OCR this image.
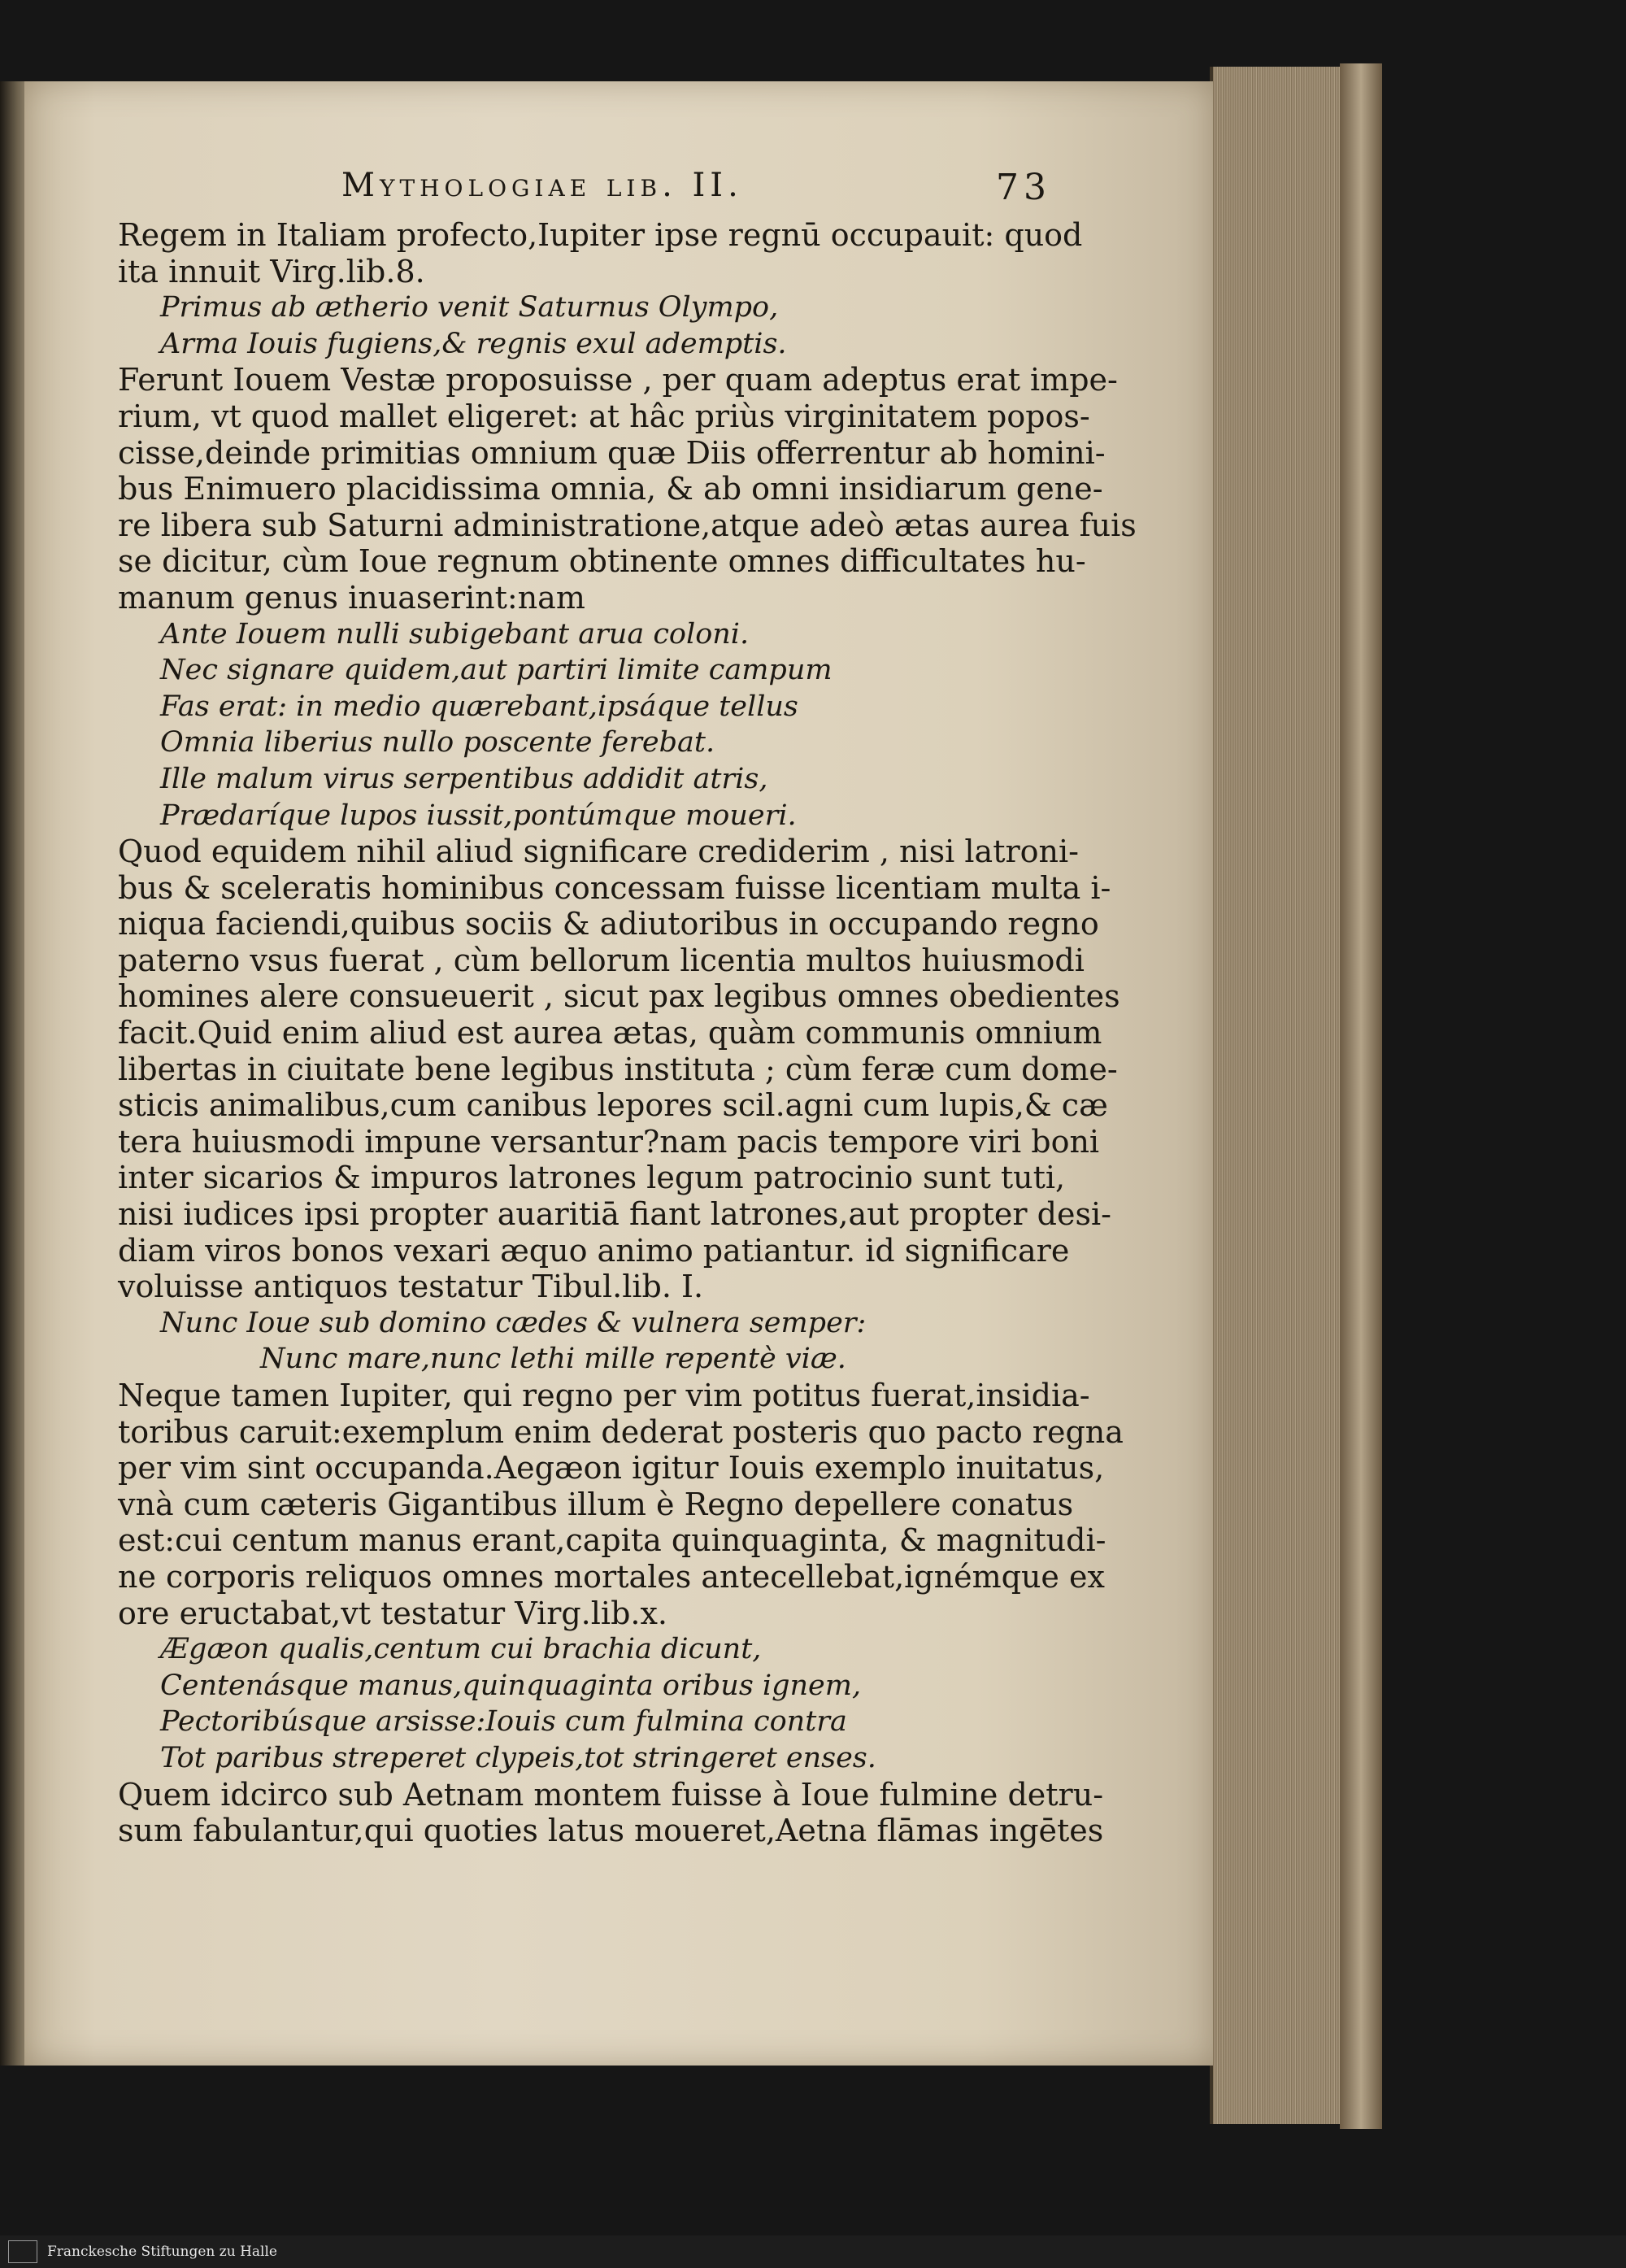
Mythologiae lib. II.	73
Regem in Italiam profecto,Iupiter ipse regnū occupauit: quod
ita innuit Virg.lib.8.
Primus ab ætherio venit Saturnus Olympo,
Arma Iouis fugiens,& regnis exul ademptis.
Ferunt Iouem Vestæ proposuisse , per quam adeptus erat impe-
rium, vt quod mallet eligeret: at hâc priùs virginitatem popos-
cisse,deinde primitias omnium quæ Diis offerrentur ab homini-
bus Enimuero placidissima omnia, & ab omni insidiarum gene-
re libera sub Saturni administratione,atque adeò ætas aurea fuis
se dicitur, cùm Ioue regnum obtinente omnes difficultates hu-
manum genus inuaserint:nam
Ante Iouem nulli subigebant arua coloni.
Nec signare quidem,aut partiri limite campum
Fas erat: in medio quærebant,ipsáque tellus
Omnia liberius nullo poscente ferebat.
Ille malum virus serpentibus addidit atris,
Prædaríque lupos iussit,pontúmque moueri.
Quod equidem nihil aliud significare crediderim , nisi latroni-
bus & sceleratis hominibus concessam fuisse licentiam multa i-
niqua faciendi,quibus sociis & adiutoribus in occupando regno
paterno vsus fuerat , cùm bellorum licentia multos huiusmodi
homines alere consueuerit , sicut pax legibus omnes obedientes
facit.Quid enim aliud est aurea ætas, quàm communis omnium
libertas in ciuitate bene legibus instituta ; cùm feræ cum dome-
sticis animalibus,cum canibus lepores scil.agni cum lupis,& cæ
tera huiusmodi impune versantur?nam pacis tempore viri boni
inter sicarios & impuros latrones legum patrocinio sunt tuti,
nisi iudices ipsi propter auaritiā fiant latrones,aut propter desi-
diam viros bonos vexari æquo animo patiantur. id significare
voluisse antiquos testatur Tibul.lib. I.
Nunc Ioue sub domino cædes & vulnera semper:
Nunc mare,nunc lethi mille repentè viæ.
Neque tamen Iupiter, qui regno per vim potitus fuerat,insidia-
toribus caruit:exemplum enim dederat posteris quo pacto regna
per vim sint occupanda.Aegæon igitur Iouis exemplo inuitatus,
vnà cum cæteris Gigantibus illum è Regno depellere conatus
est:cui centum manus erant,capita quinquaginta, & magnitudi-
ne corporis reliquos omnes mortales antecellebat,ignémque ex
ore eructabat,vt testatur Virg.lib.x.
Ægæon qualis,centum cui brachia dicunt,
Centenásque manus,quinquaginta oribus ignem,
Pectoribúsque arsisse:Iouis cum fulmina contra
Tot paribus streperet clypeis,tot stringeret enses.
Quem idcirco sub Aetnam montem fuisse à Ioue fulmine detru-
sum fabulantur,qui quoties latus moueret,Aetna flāmas ingētes
Franckesche Stiftungen zu Halle
